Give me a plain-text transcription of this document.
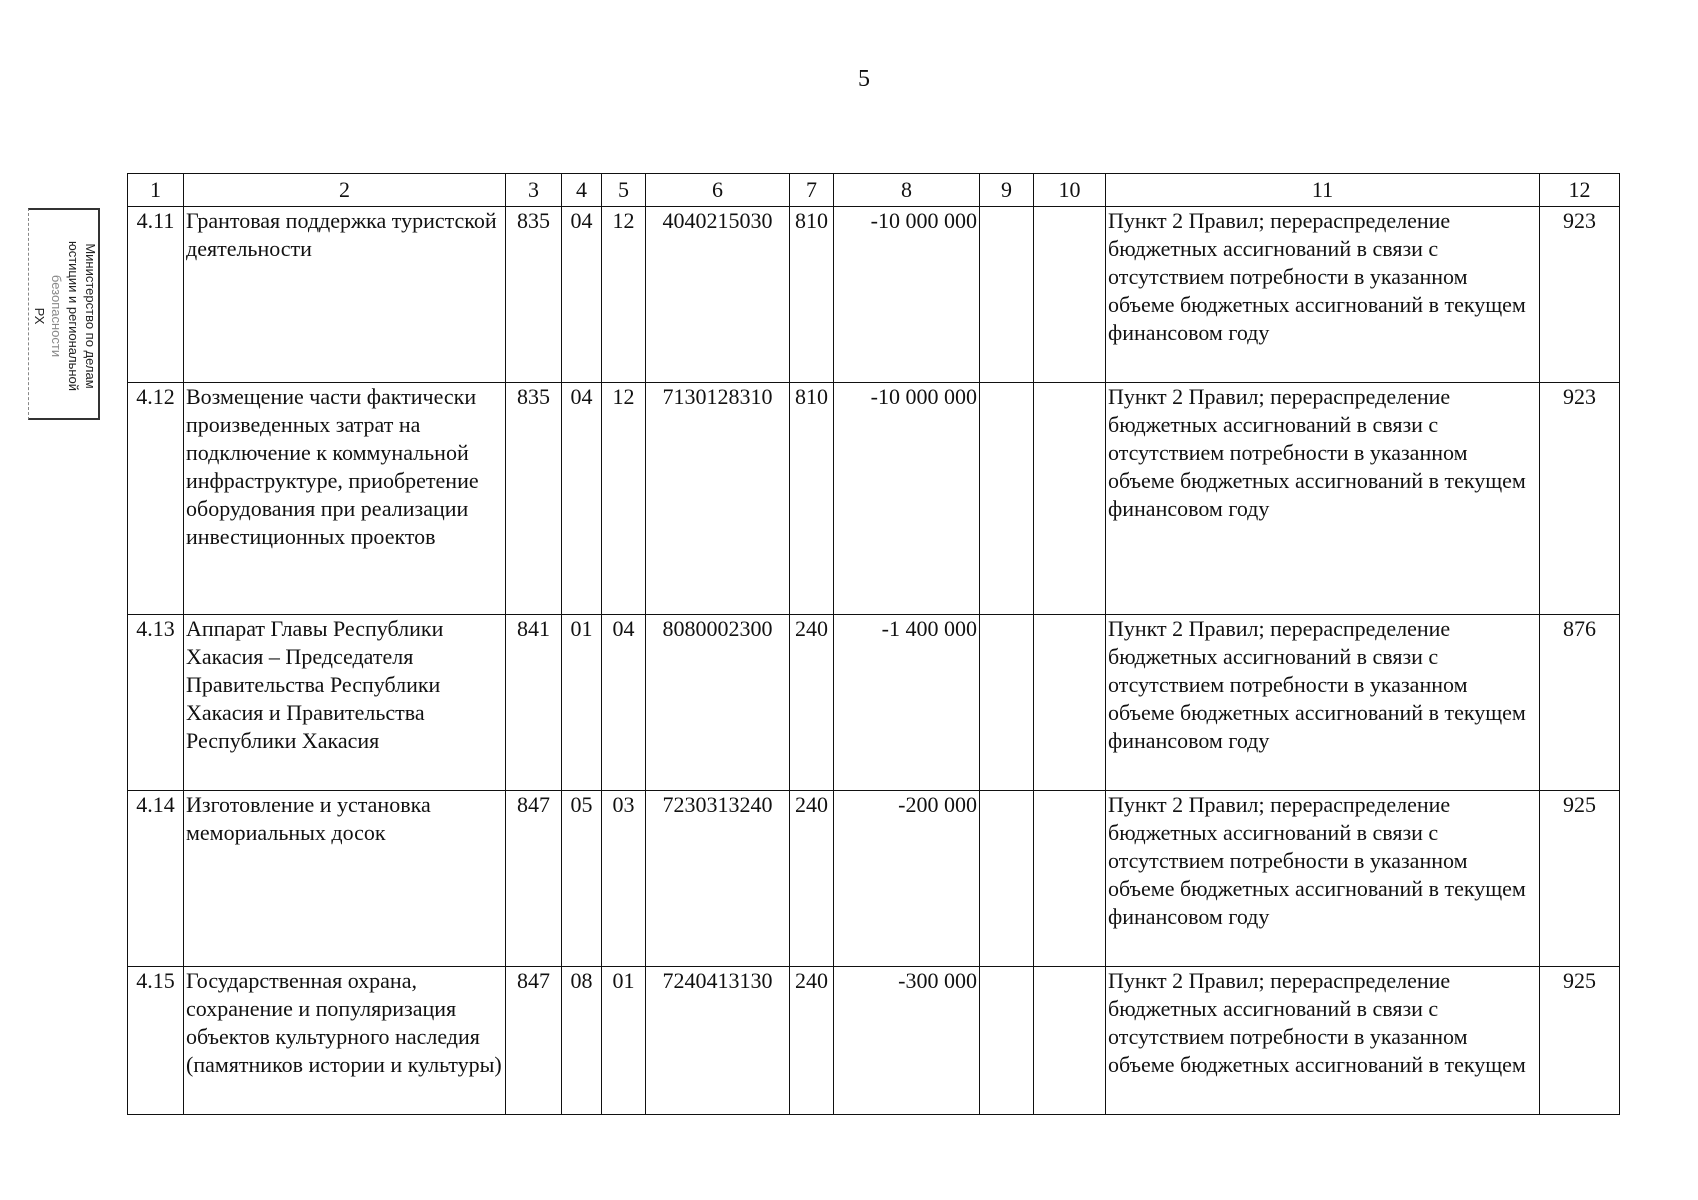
5
Министерство по делам
юстиции и региональной
безопасности
РХ
1	2	3	4	5	6	7	8	9	10	11	12
4.11	Грантовая поддержка туристской деятельности	835	04	12	4040215030	810	-10 000 000			Пункт 2 Правил; перераспределение бюджетных ассигнований в связи с отсутствием потребности в указанном объеме бюджетных ассигнований в текущем финансовом году	923
4.12	Возмещение части фактически произведенных затрат на подключение к коммунальной инфраструктуре, приобретение оборудования при реализации инвестиционных проектов	835	04	12	7130128310	810	-10 000 000			Пункт 2 Правил; перераспределение бюджетных ассигнований в связи с отсутствием потребности в указанном объеме бюджетных ассигнований в текущем финансовом году	923
4.13	Аппарат Главы Республики Хакасия – Председателя Правительства Республики Хакасия и Правительства Республики Хакасия	841	01	04	8080002300	240	-1 400 000			Пункт 2 Правил; перераспределение бюджетных ассигнований в связи с отсутствием потребности в указанном объеме бюджетных ассигнований в текущем финансовом году	876
4.14	Изготовление и установка мемориальных досок	847	05	03	7230313240	240	-200 000			Пункт 2 Правил; перераспределение бюджетных ассигнований в связи с отсутствием потребности в указанном объеме бюджетных ассигнований в текущем финансовом году	925
4.15	Государственная охрана, сохранение и популяризация объектов культурного наследия (памятников истории и культуры)	847	08	01	7240413130	240	-300 000			Пункт 2 Правил; перераспределение бюджетных ассигнований в связи с отсутствием потребности в указанном объеме бюджетных ассигнований в текущем	925
